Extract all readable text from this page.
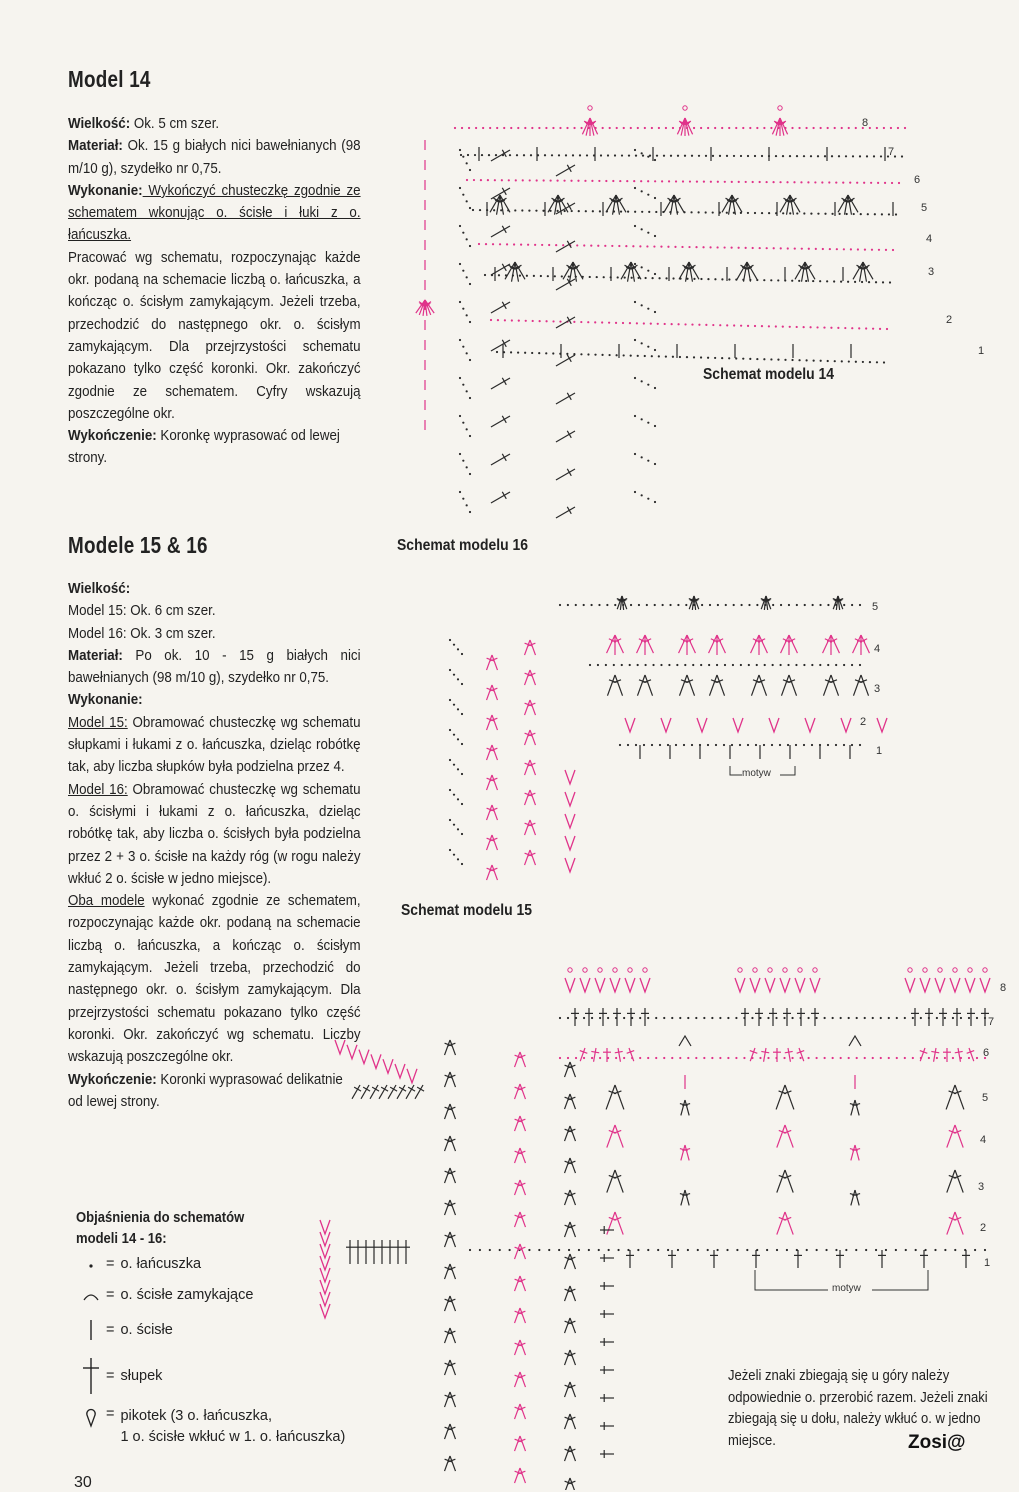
Model 14

Wielkość: Ok. 5 cm szer.

Materiał: Ok. 15 g białych nici bawełnianych (98 m/10 g), szydełko nr 0,75.

Wykonanie: Wykończyć chusteczkę zgodnie ze schematem wkonując o. ścisłe i łuki z o. łańcuszka.

Pracować wg schematu, rozpoczynając każde okr. podaną na schemacie liczbą o. łańcuszka, a kończąc o. ścisłym zamykającym. Jeżeli trzeba, przechodzić do następnego okr. o. ścisłym zamykającym. Dla przejrzystości schematu pokazano tylko część koronki. Okr. zakończyć zgodnie ze schematem. Cyfry wskazują poszczególne okr.

Wykończenie: Koronkę wyprasować od lewej strony.

Modele 15 & 16

Wielkość:

Model 15: Ok. 6 cm szer.

Model 16: Ok. 3 cm szer.

Materiał: Po ok. 10 - 15 g białych nici bawełnianych (98 m/10 g), szydełko nr 0,75.

Wykonanie:

Model 15: Obramować chusteczkę wg schematu słupkami i łukami z o. łańcuszka, dzieląc robótkę tak, aby liczba słupków była podzielna przez 4.

Model 16: Obramować chusteczkę wg schematu o. ścisłymi i łukami z o. łańcuszka, dzieląc robótkę tak, aby liczba o. ścisłych była podzielna przez 2 + 3 o. ścisłe na każdy róg (w rogu należy wkłuć 2 o. ścisłe w jedno miejsce).

Oba modele wykonać zgodnie ze schematem, rozpoczynając każde okr. podaną na schemacie liczbą o. łańcuszka, a kończąc o. ścisłym zamykającym. Jeżeli trzeba, przechodzić do następnego okr. o. ścisłym zamykającym. Dla przejrzystości schematu pokazano tylko część koronki. Okr. zakończyć wg schematu. Liczby wskazują poszczególne okr.

Wykończenie: Koronki wyprasować delikatnie od lewej strony.

Objaśnienia do schematów
modeli 14 - 16:
= o. łańcuszka
= o. ścisłe zamykające
= o. ścisłe
= słupek
= pikotek (3 o. łańcuszka,
1 o. ścisłe wkłuć w 1. o. łańcuszka)
Schemat modelu 14
Schemat modelu 16
Schemat modelu 15
motyw
motyw
8
7
6
5
4
3
2
1
5
4
3
2
1
8
7
6
5
4
3
2
1
Jeżeli znaki zbiegają się u góry należy odpowiednie o. przerobić razem. Jeżeli znaki zbiegają się u dołu, należy wkłuć o. w jedno miejsce.	Zosi@
30
